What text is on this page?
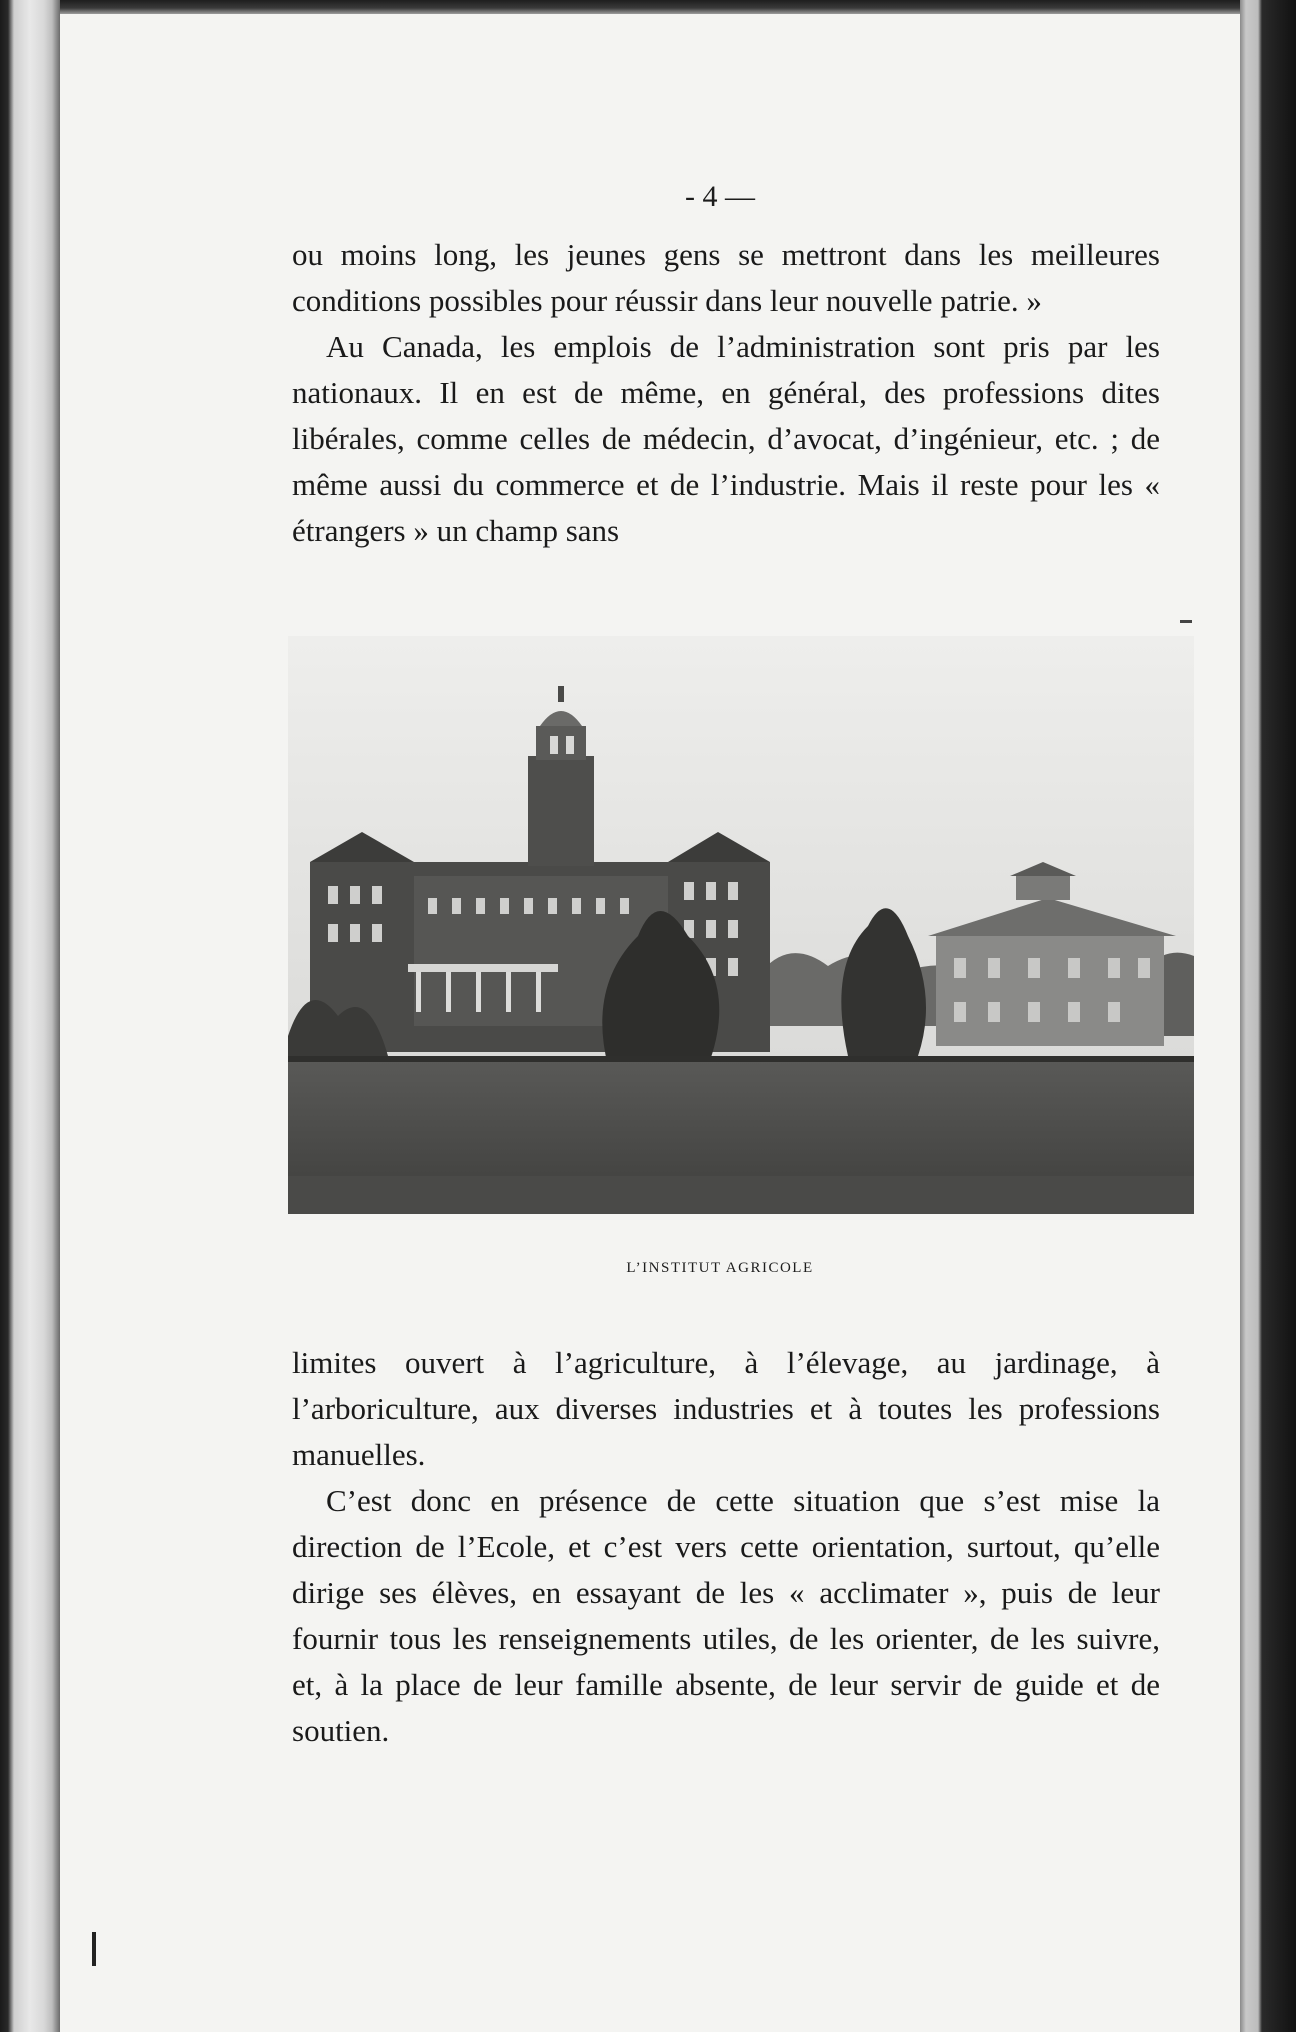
- 4 —

ou moins long, les jeunes gens se mettront dans les meilleures conditions possibles pour réussir dans leur nouvelle patrie. »

Au Canada, les emplois de l’administration sont pris par les nationaux. Il en est de même, en général, des professions dites libérales, comme celles de médecin, d’avocat, d’ingénieur, etc. ; de même aussi du commerce et de l’industrie. Mais il reste pour les « étrangers » un champ sans

L’INSTITUT AGRICOLE

limites ouvert à l’agriculture, à l’élevage, au jardinage, à l’arboriculture, aux diverses industries et à toutes les professions manuelles.

C’est donc en présence de cette situation que s’est mise la direction de l’Ecole, et c’est vers cette orientation, surtout, qu’elle dirige ses élèves, en essayant de les « acclimater », puis de leur fournir tous les renseignements utiles, de les orienter, de les suivre, et, à la place de leur famille absente, de leur servir de guide et de soutien.
